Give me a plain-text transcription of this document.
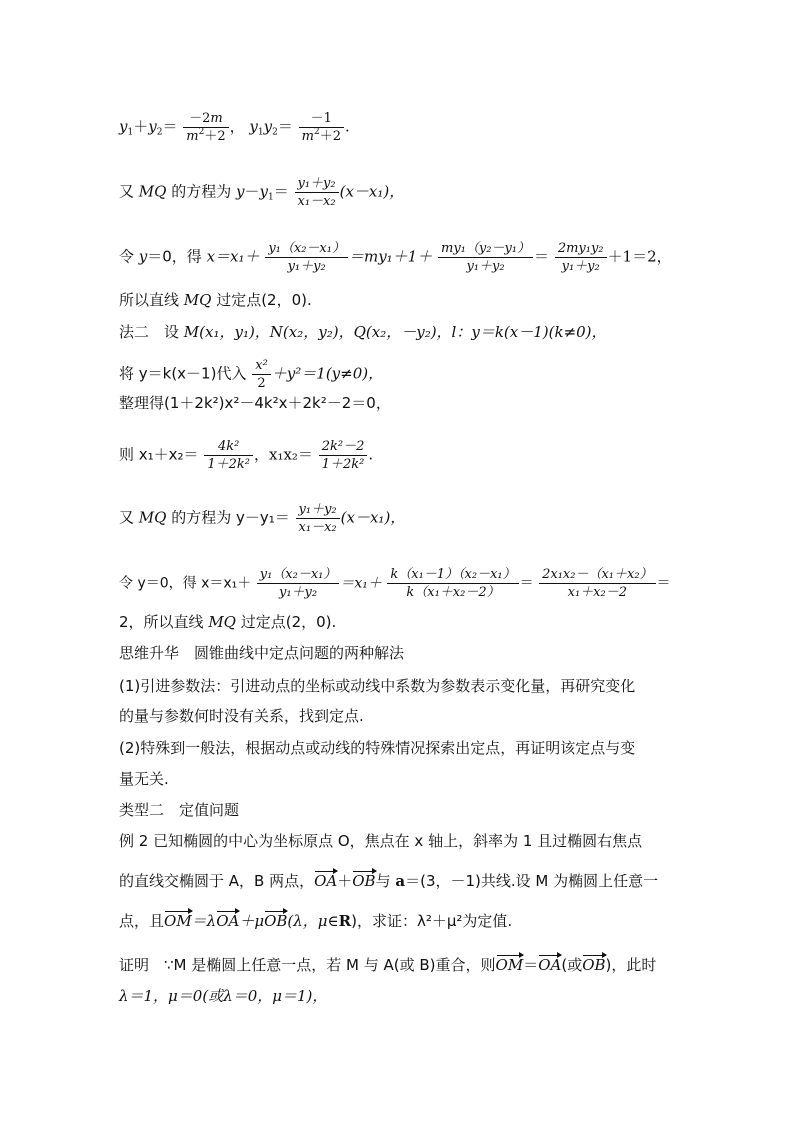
$y_1+y_2= \frac{-2m}{m^2+2}$ ， $y_1y_2= \frac{-1}{m^2+2}$ .
又 MQ 的方程为 $y-y_1= \frac{\text{y₁＋y₂}}{\text{x₁－x₂}} (x-x_1)$，
令 y＝0，得 $x=x_1+ \frac{\text{y₁（x₂－x₁）}}{\text{y₁＋y₂}} =my_1+1+ \frac{\text{my₁（y₂－y₁）}}{\text{y₁＋y₂}} = \frac{\text{2my₁y₂}}{\text{y₁＋y₂}} +1=2$，
所以直线 MQ 过定点(2，0).
法二　设 M(x₁，y₁)，N(x₂，y₂)，Q(x₂，－y₂)，l：y＝k(x－1)(k≠0)，
将 y＝k(x－1)代入 $\frac{\text{x²}}{2} +y^2=1(y\ne 0)$，
整理得(1＋2k²)x²－4k²x＋2k²－2＝0，
则 $x_1+x_2= \frac{\text{4k²}}{\text{1＋2k²}}$ ，$x_1x_2= \frac{\text{2k²－2}}{\text{1＋2k²}}$ .
又 MQ 的方程为 $y-y_1= \frac{\text{y₁＋y₂}}{\text{x₁－x₂}} (x-x_1)$，
令 y＝0，得 $x=x_1+ \frac{\text{y₁（x₂－x₁）}}{\text{y₁＋y₂}} =x_1+ \frac{\text{k（x₁－1）（x₂－x₁）}}{\text{k（x₁＋x₂－2）}} = \frac{\text{2x₁x₂－（x₁＋x₂）}}{\text{x₁＋x₂－2}}$ ＝
2，所以直线 MQ 过定点(2，0).
思维升华　圆锥曲线中定点问题的两种解法
(1)引进参数法：引进动点的坐标或动线中系数为参数表示变化量，再研究变化
的量与参数何时没有关系，找到定点.
(2)特殊到一般法，根据动点或动线的特殊情况探索出定点，再证明该定点与变
量无关.
类型二　定值问题
例 2 已知椭圆的中心为坐标原点 O，焦点在 x 轴上，斜率为 1 且过椭圆右焦点
的直线交椭圆于 A，B 两点，OA＋OB与 a＝(3，－1)共线.设 M 为椭圆上任意一
点，且OM＝λOA＋μOB(λ，μ∈R)，求证：λ²＋μ²为定值.
证明　∵M 是椭圆上任意一点，若 M 与 A(或 B)重合，则OM＝OA(或OB)，此时
λ＝1，μ＝0(或λ＝0，μ＝1)，
